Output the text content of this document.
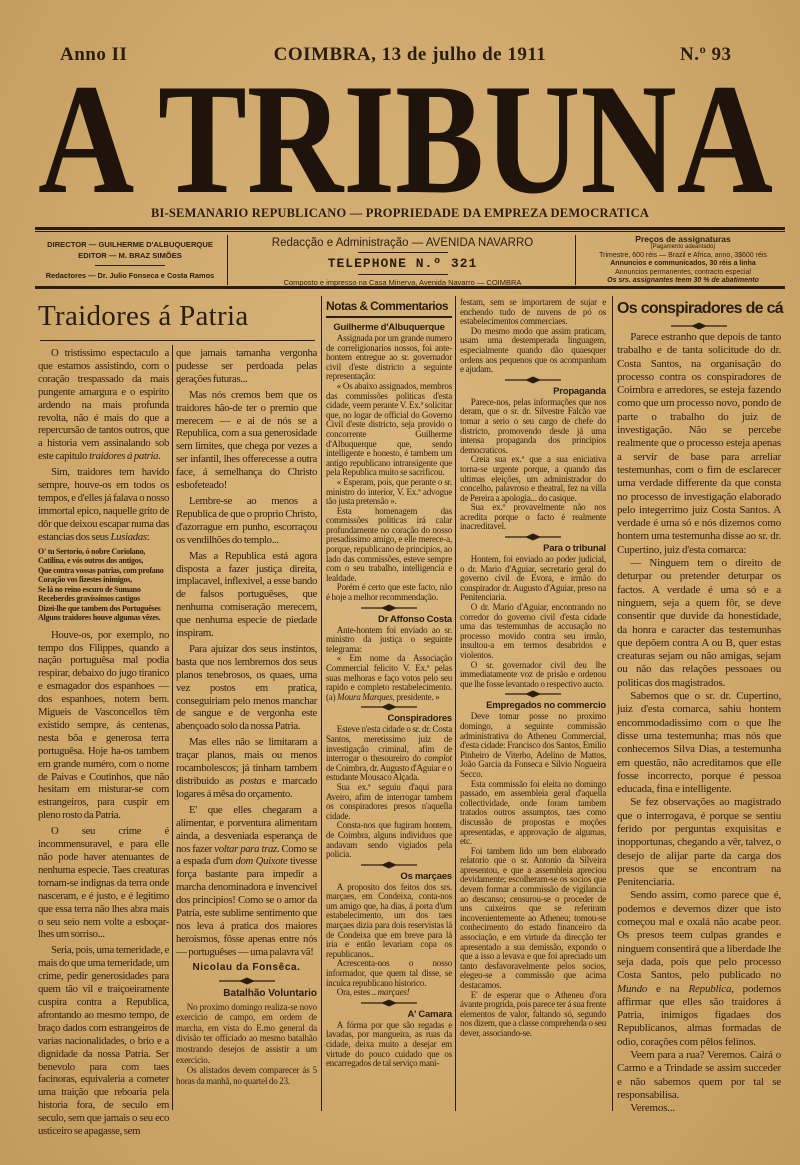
Anno II	COIMBRA, 13 de julho de 1911	N.º 93
A TRIBUNA
BI-SEMANARIO REPUBLICANO — PROPRIEDADE DA EMPREZA DEMOCRATICA
DIRECTOR — GUILHERME D'ALBUQUERQUE
EDITOR — M. BRAZ SIMÕES
Redactores — Dr. Julio Fonseca e Costa Ramos
Redacção e Administração — AVENIDA NAVARRO
TELEPHONE N.º 321
Composto e impresso na Casa Minerva, Avenida Navarro — COIMBRA
Preços de assignaturas
(Pagamento adeantado)
Trimestre, 600 réis — Brazil e Africa, anno, 3$600 réis
Annuncios e communicados, 30 réis a linha
Annuncios permanentes, contracto especial
Os srs. assignantes teem 30 % de abatimento
Traidores á Patria

O tristissimo espectaculo a que estamos assistindo, com o coração trespassado da mais pungente amargura e o espirito ardendo na mais profunda revolta, não é mais do que a repercursão de tantos outros, que a historia vem assinalando sob este capitulo traidores á patria.

Sim, traidores tem havido sempre, houve-os em todos os tempos, e d'elles já falava o nosso immortal epico, naquelle grito de dôr que deixou escapar numa das estancias dos seus Lusiadas:

O' tu Sertorio, ó nobre Coriolano,
Catilina, e vós outros dos antigos,
Que contra vossas patrias, com profano
Coração vos fizestes inimigos,
Se lá no reino escuro de Sumano
Receberdes gravissimos castigos
Dizei-lhe que tambem dos Portuguêses
Alguns traidores houve algumas vêzes.

Houve-os, por exemplo, no tempo dos Filippes, quando a nação portuguêsa mal podia respirar, debaixo do jugo tiranico e esmagador dos espanhoes — dos espanhoes, notem bem. Migueis de Vasconcellos têm existido sempre, ás centenas, nesta bôa e generosa terra portuguêsa. Hoje ha-os tambem em grande numéro, com o nome de Paivas e Coutinhos, que não hesitam em misturar-se com estrangeiros, para cuspir em pleno rosto da Patria.

O seu crime é incommensuravel, e para elle não pode haver atenuantes de nenhuma especie. Taes creaturas tornam-se indignas da terra onde nasceram, e é justo, e é legitimo que essa terra não lhes abra mais o seu seio nem volte a esboçar-lhes um sorriso...

Seria, pois, uma temeridade, e mais do que uma temeridade, um crime, pedir generosidades para quem tão vil e traiçoeiramente cuspira contra a Republica, afrontando ao mesmo tempo, de braço dados com estrangeiros de varias nacionalidades, o brio e a dignidade da nossa Patria. Ser benevolo para com taes facinoras, equivaleria a cometer uma traição que reboaria pela historia fora, de seculo em seculo, sem que jamais o seu eco usticeiro se apagasse, sem

que jamais tamanha vergonha pudesse ser perdoada pelas gerações futuras...

Mas nós cremos bem que os traidores hão-de ter o premio que merecem — e ai de nós se a Republica, com a sua generosidade sem limites, que chega por vezes a ser infantil, lhes offerecesse a outra face, á semelhança do Christo esbofeteado!

Lembre-se ao menos a Republica de que o proprio Christo, d'azorrague em punho, escorraçou os vendilhões do templo...

Mas a Republica está agora disposta a fazer justiça direita, implacavel, inflexivel, a esse bando de falsos portuguêses, que nenhuma comiseração merecem, que nenhuma especie de piedade inspiram.

Para ajuizar dos seus instintos, basta que nos lembremos dos seus planos tenebrosos, os quaes, uma vez postos em pratica, conseguiriam pelo menos manchar de sangue e de vergonha este abençoado solo da nossa Patria.

Mas elles não se limitaram a traçar planos, mais ou menos rocambolescos; já tinham tambem distribuido as postas e marcado logares á mêsa do orçamento.

E' que elles chegaram a alimentar, e porventura alimentam ainda, a desveniada esperança de nos fazer voltar para traz. Como se a espada d'um dom Quixote tivesse força bastante para impedir a marcha denominadora e invencivel dos principios! Como se o amor da Patria, este sublime sentimento que nos leva á pratica dos maiores heroismos, fôsse apenas entre nós — portuguêses — uma palavra vã!

Nicolau da Fonsêca.
Batalhão Voluntario

No proximo domingo realiza-se novo exercicio de campo, em ordem de marcha, em vista do E.mo general da divisão ter officiado ao mesmo batalhão mostrando desejos de assistir a um exercicio.

Os alistados devem comparecer ás 5 horas da manhã, no quartel do 23.

Notas & Commentarios
Guilherme d'Albuquerque

Assignada por um grande numero de correligionarios nossos, foi ante-hontem entregue ao sr. governador civil d'este districto a seguinte representação:

« Os abaixo assignados, membros das commissões politicas d'esta cidade, veem perante V. Ex.ª solicitar que, no logar de official do Governo Civil d'este districto, seja provido o concorrente Guilherme d'Albuquerque que, sendo intelligente e honesto, é tambem um antigo republicano intransigente que pela Republica muito se sacrificou.

« Esperam, pois, que perante o sr. ministro do interior, V. Ex.ª advogue tão justa pretensão ».

Esta homenagem das commissões politicas irá calar profundamente no coração do nosso presadissimo amigo, e elle merece-a, porque, republicano de principios, ao lado das commissões, esteve sempre com o seu trabalho, intelligencia e lealdade.

Porém é certo que este facto, não é hoje a melhor recommendação.

Dr Affonso Costa

Ante-hontem foi enviado ao sr. ministro da justiça o seguinte telegrama:

« Em nome da Associação Commercial felicito V. Ex.ª pelas suas melhoras e faço votos pelo seu rapido e completo restabelecimento. (a) Moura Marques, presidente. »

Conspiradores

Esteve n'esta cidade o sr. dr. Costa Santos, meretissimo juiz de investigação criminal, afim de interrogar o thesoureiro do complot de Coimbra, dr. Augusto d'Aguiar e o estudante Mousaco Alçada.

Sua ex.ª seguiu d'aqui para Aveiro, afim de interrogar tambem os conspiradores presos n'aquella cidade.

Consta-nos que fugiram hontem, de Coimbra, alguns individuos que andavam sendo vigiados pela policia.

Os marçaes

A proposito dos feitos dos srs. marçaes, em Condeixa, conta-nos um amigo que, ha dias, á porta d'um estabelecimento, um dos taes marçaes dizia para dois reservistas lá de Condeixa que em breve para lá iria e então levariam copa os republicanos..

Acrescenta-nos o nosso informador, que quem tal disse, se inculca republicano historico.

Ora, estes .. marçaes!

A' Camara

A fórma por que são regadas e lavadas, por mangueira, as ruas da cidade, deixa muito a desejar em virtude do pouco cuidado que os encarregados de tal serviço mani-

festam, sem se importarem de sujar e enchendo tudo de nuvens de pó os estabelecimentos commerciaes.

Do mesmo modo que assim praticam, usam uma destemperada linguagem, especialmente quando dão quaesquer ordens aos pequenos que os acompanham e ajudam.

Propaganda

Parece-nos, pelas informações que nos deram, que o sr. dr. Silvestre Falcão vae tomar a serio o seu cargo de chefe do districto, promovendo desde já uma intensa propaganda dos principios democraticos.

Creia sua ex.ª que a sua eniciativa torna-se urgente porque, a quando das ultimas eleições, um administrador do concelho, palavroso e theatral, fez na villa de Pereira a apologia... do casique.

Sua ex.ª provavelmente não nos acredita porque o facto é realmente inacreditavel.

Para o tribunal

Hontem, foi enviado ao poder judicial, o dr. Mario d'Aguiar, secretario geral do governo civil de Evora, e irmão do conspirador dr. Augusto d'Aguiar, preso na Penitenciaria.

O dr. Mario d'Aguiar, encontrando no corredor do governo civil d'esta cidade uma das testemunhas de accusação no processo movido contra seu irmão, insultou-a em termos desabridos e violentos.

O sr. governador civil deu lhe immediatamente voz de prisão e ordenou que lhe fosse levantado o respectivo aucto.

Empregados no commercio

Deve tomar posse no proximo domingo, a seguinte commissão administrativa do Atheneu Commercial, d'esta cidade: Francisco dos Santos, Emilio Pinheiro de Viterbo, Adelino de Mattos, João Garcia da Fonseca e Silvio Nogueira Secco.

Esta commissão foi eleita no domingo passado, em assembleia geral d'aquella collectividade, onde foram tambem tratados outros assumptos, taes como discussão de propostas e moções apresentadas, e approvação de algumas, etc.

Foi tambem lido um bem elaborado relatorio que o sr. Antonio da Silveira apresentou, e que a assembleia apreciou devidamente; escolheram-se os socios que devem formar a commissão de vigilancia ao descanso; censurou-se o proceder de uns caixeiros que se referiram incovenientemente ao Atheneu; tomou-se conhecimento do estado financeiro da associação, e em virtude da direcção ter apresentado a sua demissão, expondo o que a isso a levava e que foi apreciado um tanto desfavoravelmente pelos socios, elegeu-se a commissão que acima destacamos.

E' de esperar que o Atheneu d'ora ávante progrida, pois parece ter á sua frente elementos de valor, faltando só, segundo nos dizem, que a classe comprehenda o seu dever, associando-se.

Os conspiradores de cá

Parece estranho que depois de tanto trabalho e de tanta solicitude do dr. Costa Santos, na organisação do processo contra os conspiradores de Coimbra e arredores, se esteja fazendo como que um processo novo, pondo de parte o trabalho do juiz de investigação. Não se percebe realmente que o processo esteja apenas a servir de base para arreliar testemunhas, com o fim de esclarecer uma verdade differente da que consta no processo de investigação elaborado pelo integerrimo juiz Costa Santos. A verdade é uma só e nós dizemos como hontem uma testemunha disse ao sr. dr. Cupertino, juiz d'esta comarca:

— Ninguem tem o direito de deturpar ou pretender deturpar os factos. A verdade é uma só e a ninguem, seja a quem fôr, se deve consentir que duvide da honestidade, da honra e caracter das testemunhas que depõem contra A ou B, quer estas creaturas sejam ou não amigas, sejam ou não das relações pessoaes ou politicas dos magistrados.

Sabemos que o sr. dr. Cupertino, juiz d'esta comarca, sahiu hontem encommodadissimo com o que lhe disse uma testemunha; mas nós que conhecemos Silva Dias, a testemunha em questão, não acreditamos que elle fosse incorrecto, porque é pessoa educada, fina e intelligente.

Se fez observações ao magistrado que o interrogava, é porque se sentiu ferido por perguntas exquisitas e inopportunas, chegando a vêr, talvez, o desejo de alijar parte da carga dos presos que se encontram na Penitenciaria.

Sendo assim, como parece que é, podemos e devemos dizer que isto começou mal e oxalá não acabe peor. Os presos teem culpas grandes e ninguem consentirá que a liberdade lhe seja dada, pois que pelo processo Costa Santos, pelo publicado no Mundo e na Republica, podemos affirmar que elles são traidores á Patria, inimigos figadaes dos Republicanos, almas formadas de odio, corações com pêlos felinos.

Veem para a rua? Veremos. Cairá o Carmo e a Trindade se assim succeder e não sabemos quem por tal se responsabilisa.

Veremos...
